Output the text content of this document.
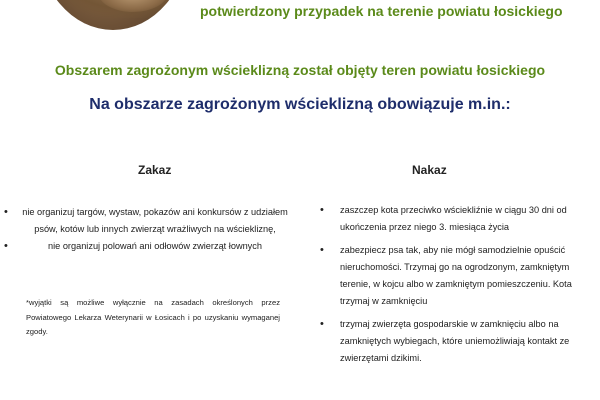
potwierdzony przypadek na terenie powiatu łosickiego
Obszarem zagrożonym wścieklizną został objęty teren powiatu łosickiego
Na obszarze zagrożonym wścieklizną obowiązuje m.in.:
Zakaz	Nakaz
• nie organizuj targów, wystaw, pokazów ani konkursów z udziałem psów, kotów lub innych zwierząt wrażliwych na wściekliznę,
• nie organizuj polowań ani odłowów zwierząt łownych
*wyjątki są możliwe wyłącznie na zasadach określonych przez Powiatowego Lekarza Weterynarii w Łosicach i po uzyskaniu wymaganej zgody.
• zaszczep kota przeciwko wściekliźnie w ciągu 30 dni od ukończenia przez niego 3. miesiąca życia
• zabezpiecz psa tak, aby nie mógł samodzielnie opuścić nieruchomości. Trzymaj go na ogrodzonym, zamkniętym terenie, w kojcu albo w zamkniętym pomieszczeniu. Kota trzymaj w zamknięciu
• trzymaj zwierzęta gospodarskie w zamknięciu albo na zamkniętych wybiegach, które uniemożliwiają kontakt ze zwierzętami dzikimi.
